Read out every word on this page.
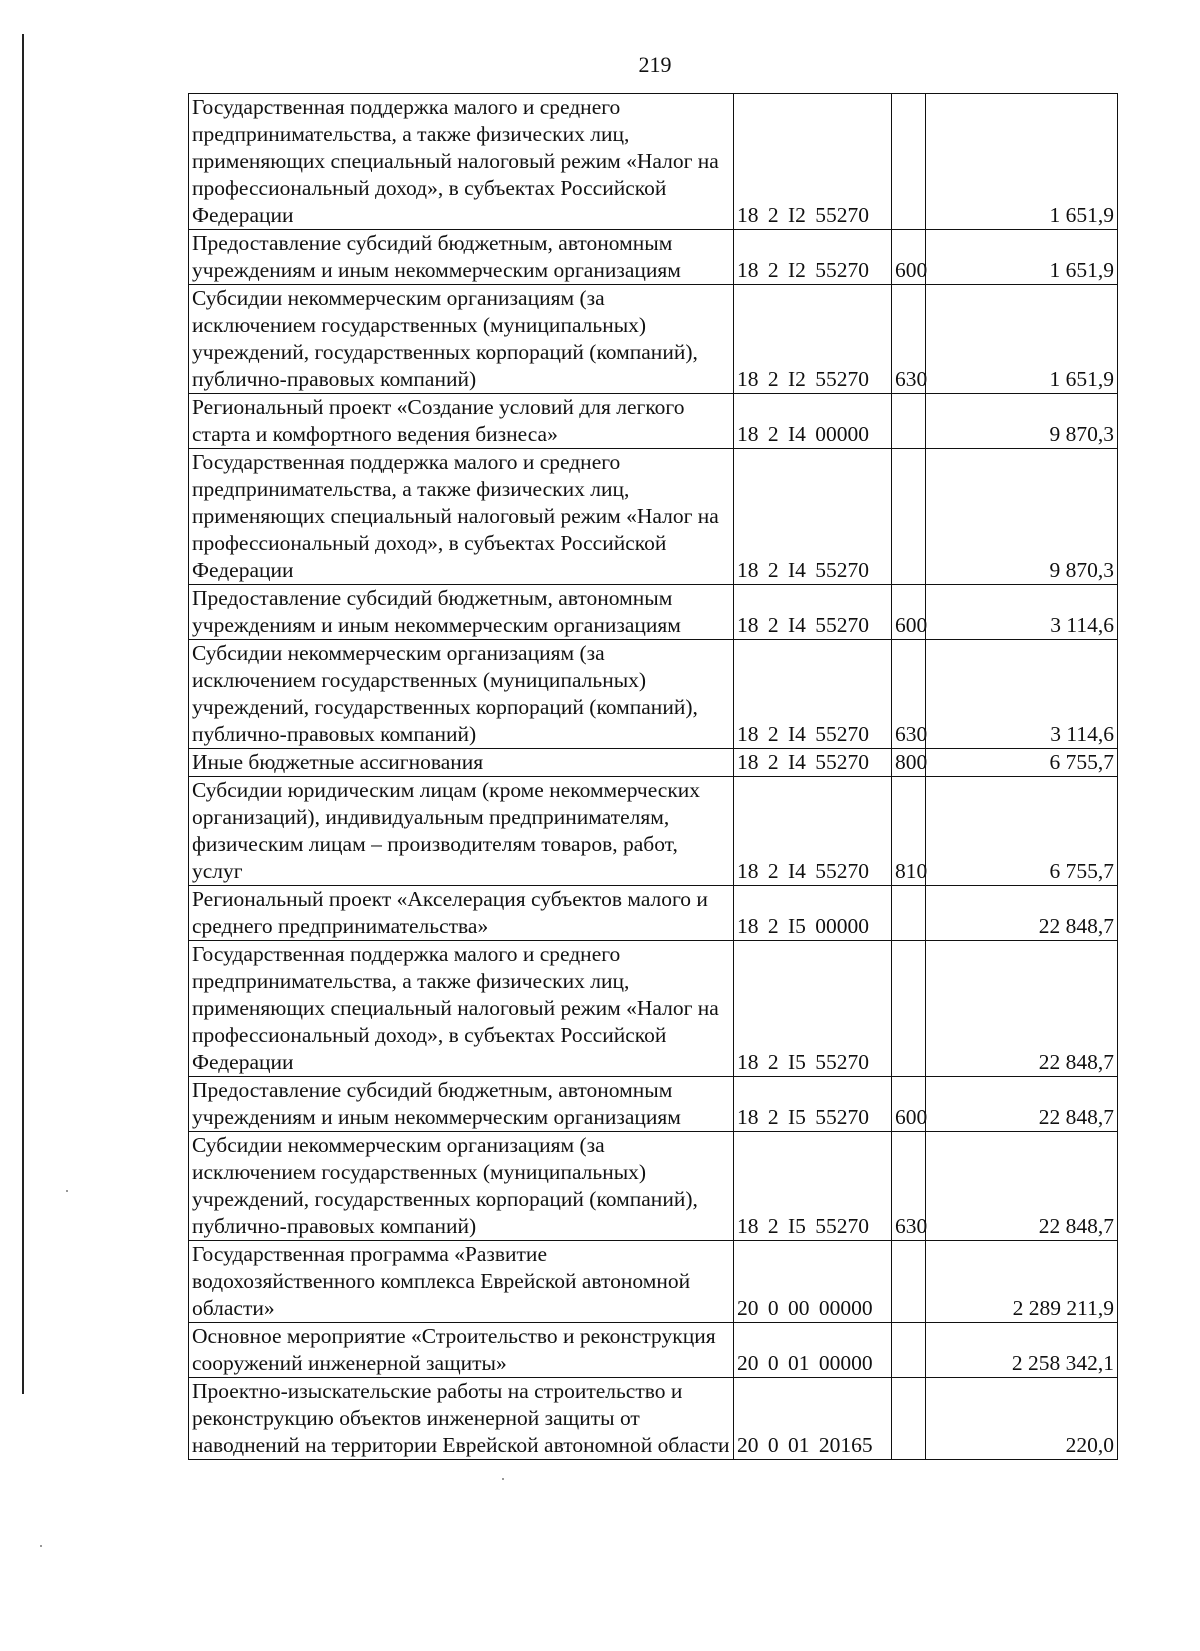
219
Государственная поддержка малого и среднего предпринимательства, а также физических лиц, применяющих специальный налоговый режим «Налог на профессиональный доход», в субъектах Российской Федерации	18 2 I2 55270		1 651,9
Предоставление субсидий бюджетным, автономным учреждениям и иным некоммерческим организациям	18 2 I2 55270	600	1 651,9
Субсидии некоммерческим организациям (за исключением государственных (муниципальных) учреждений, государственных корпораций (компаний), публично-правовых компаний)	18 2 I2 55270	630	1 651,9
Региональный проект «Создание условий для легкого старта и комфортного ведения бизнеса»	18 2 I4 00000		9 870,3
Государственная поддержка малого и среднего предпринимательства, а также физических лиц, применяющих специальный налоговый режим «Налог на профессиональный доход», в субъектах Российской Федерации	18 2 I4 55270		9 870,3
Предоставление субсидий бюджетным, автономным учреждениям и иным некоммерческим организациям	18 2 I4 55270	600	3 114,6
Субсидии некоммерческим организациям (за исключением государственных (муниципальных) учреждений, государственных корпораций (компаний), публично-правовых компаний)	18 2 I4 55270	630	3 114,6
Иные бюджетные ассигнования	18 2 I4 55270	800	6 755,7
Субсидии юридическим лицам (кроме некоммерческих организаций), индивидуальным предпринимателям, физическим лицам – производителям товаров, работ, услуг	18 2 I4 55270	810	6 755,7
Региональный проект «Акселерация субъектов малого и среднего предпринимательства»	18 2 I5 00000		22 848,7
Государственная поддержка малого и среднего предпринимательства, а также физических лиц, применяющих специальный налоговый режим «Налог на профессиональный доход», в субъектах Российской Федерации	18 2 I5 55270		22 848,7
Предоставление субсидий бюджетным, автономным учреждениям и иным некоммерческим организациям	18 2 I5 55270	600	22 848,7
Субсидии некоммерческим организациям (за исключением государственных (муниципальных) учреждений, государственных корпораций (компаний), публично-правовых компаний)	18 2 I5 55270	630	22 848,7
Государственная программа «Развитие водохозяйственного комплекса Еврейской автономной области»	20 0 00 00000		2 289 211,9
Основное мероприятие «Строительство и реконструкция сооружений инженерной защиты»	20 0 01 00000		2 258 342,1
Проектно-изыскательские работы на строительство и реконструкцию объектов инженерной защиты от наводнений на территории Еврейской автономной области	20 0 01 20165		220,0
